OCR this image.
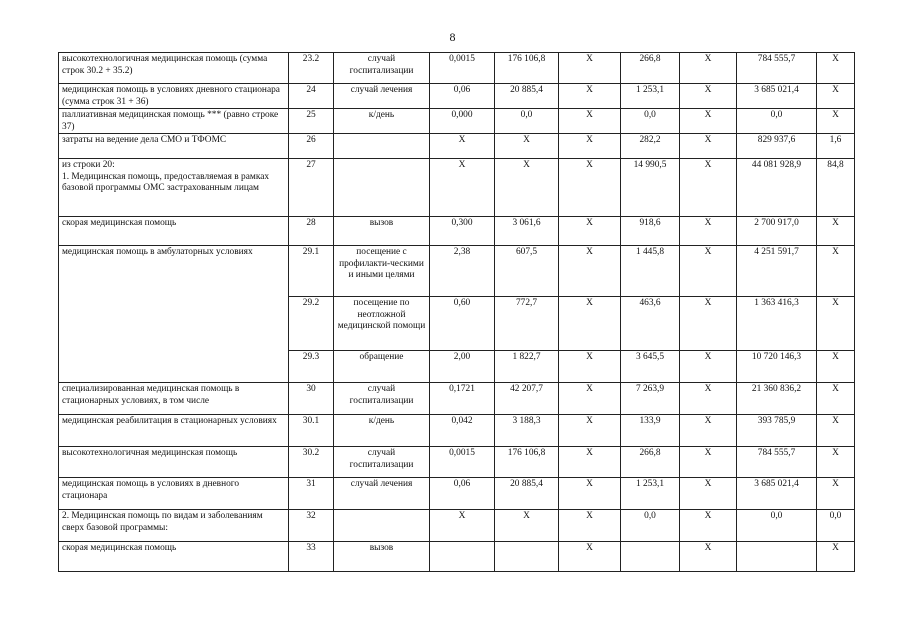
8
высокотехнологичная медицинская помощь (сумма строк 30.2 + 35.2)	23.2	случай госпитализации	0,0015	176 106,8	X	266,8	X	784 555,7	X
медицинская помощь в условиях дневного стационара (сумма строк 31 + 36)	24	случай лечения	0,06	20 885,4	X	1 253,1	X	3 685 021,4	X
паллиативная медицинская помощь *** (равно строке 37)	25	к/день	0,000	0,0	X	0,0	X	0,0	X
затраты на ведение дела СМО и ТФОМС	26		X	X	X	282,2	X	829 937,6	1,6
из строки 20:
1. Медицинская помощь, предоставляемая в рамках базовой программы ОМС застрахованным лицам	27		X	X	X	14 990,5	X	44 081 928,9	84,8
скорая медицинская помощь	28	вызов	0,300	3 061,6	X	918,6	X	2 700 917,0	X
медицинская помощь в амбулаторных условиях	29.1	посещение с профилакти-ческими и иными целями	2,38	607,5	X	1 445,8	X	4 251 591,7	X
	29.2	посещение по неотложной медицинской помощи	0,60	772,7	X	463,6	X	1 363 416,3	X
	29.3	обращение	2,00	1 822,7	X	3 645,5	X	10 720 146,3	X
специализированная медицинская помощь в стационарных условиях, в том числе	30	случай госпитализации	0,1721	42 207,7	X	7 263,9	X	21 360 836,2	X
медицинская реабилитация в стационарных условиях	30.1	к/день	0,042	3 188,3	X	133,9	X	393 785,9	X
высокотехнологичная медицинская помощь	30.2	случай госпитализации	0,0015	176 106,8	X	266,8	X	784 555,7	X
медицинская помощь в условиях в дневного стационара	31	случай лечения	0,06	20 885,4	X	1 253,1	X	3 685 021,4	X
2. Медицинская помощь по видам и заболеваниям сверх базовой программы:	32		X	X	X	0,0	X	0,0	0,0
скорая медицинская помощь	33	вызов			X		X		X
